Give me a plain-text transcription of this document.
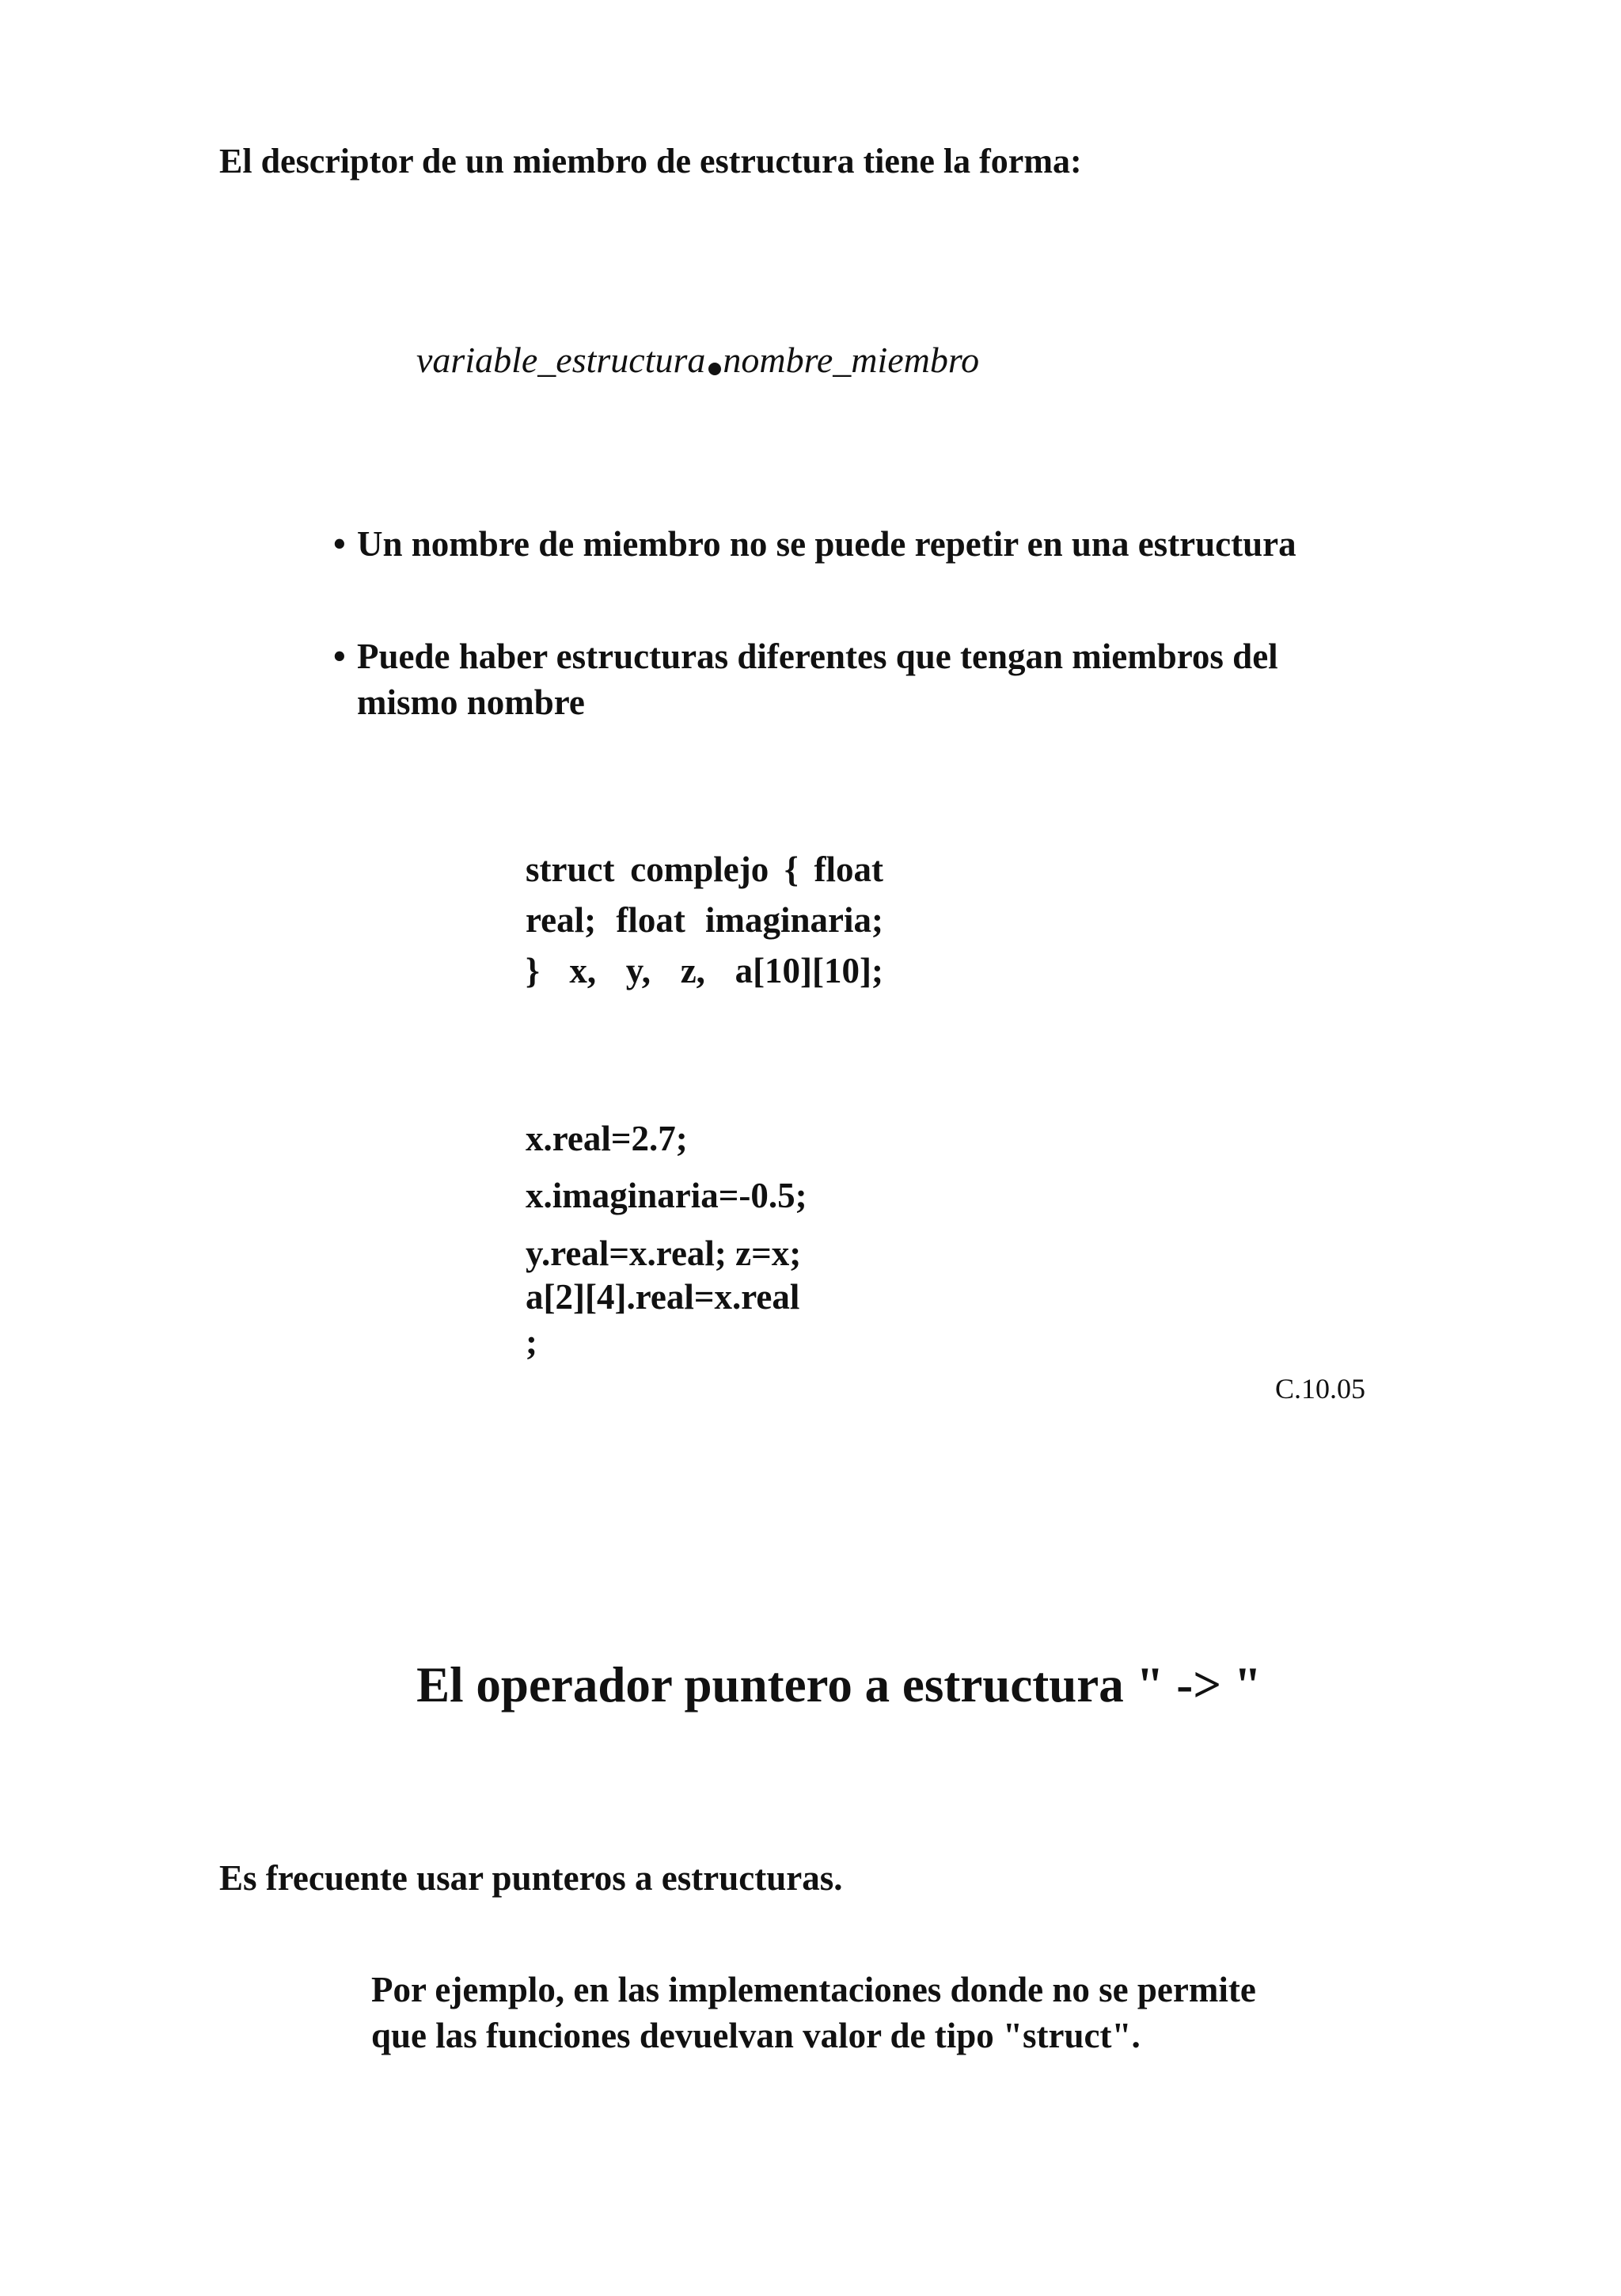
El descriptor de un miembro de estructura tiene la forma:
variable_estructura nombre_miembro
• Un nombre de miembro no se puede repetir en una estructura
• Puede haber estructuras diferentes que tengan miembros del
mismo nombre
struct complejo { float real; float imaginaria; } x, y, z, a[10][10];
x.real=2.7;
x.imaginaria=-0.5;
y.real=x.real; z=x;
a[2][4].real=x.real
;
C.10.05
El operador puntero a estructura " -> "
Es frecuente usar punteros a estructuras.
Por ejemplo, en las implementaciones donde no se permite
que las funciones devuelvan valor de tipo "struct".
